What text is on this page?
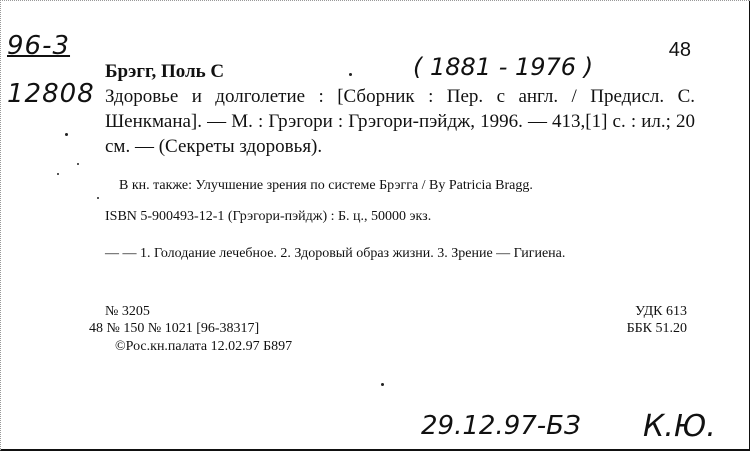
96-3
12808
48
( 1881 - 1976 )
Брэгг, Поль С
Здоровье и долголетие : [Сборник : Пер. с англ. / Предисл. С. Шенкмана]. — М. : Грэгори : Грэгори-пэйдж, 1996. — 413,[1] с. : ил.; 20 см. — (Секреты здоровья).
В кн. также: Улучшение зрения по системе Брэгга / By Patricia Bragg.
ISBN 5-900493-12-1 (Грэгори-пэйдж) : Б. ц., 50000 экз.
— — 1. Голодание лечебное. 2. Здоровый образ жизни. 3. Зрение — Гигиена.
№ 3205
48 № 150 № 1021 [96-38317]
©Рос.кн.палата 12.02.97 Б897
УДК 613
ББК 51.20
29.12.97-БЗ К.Ю.
